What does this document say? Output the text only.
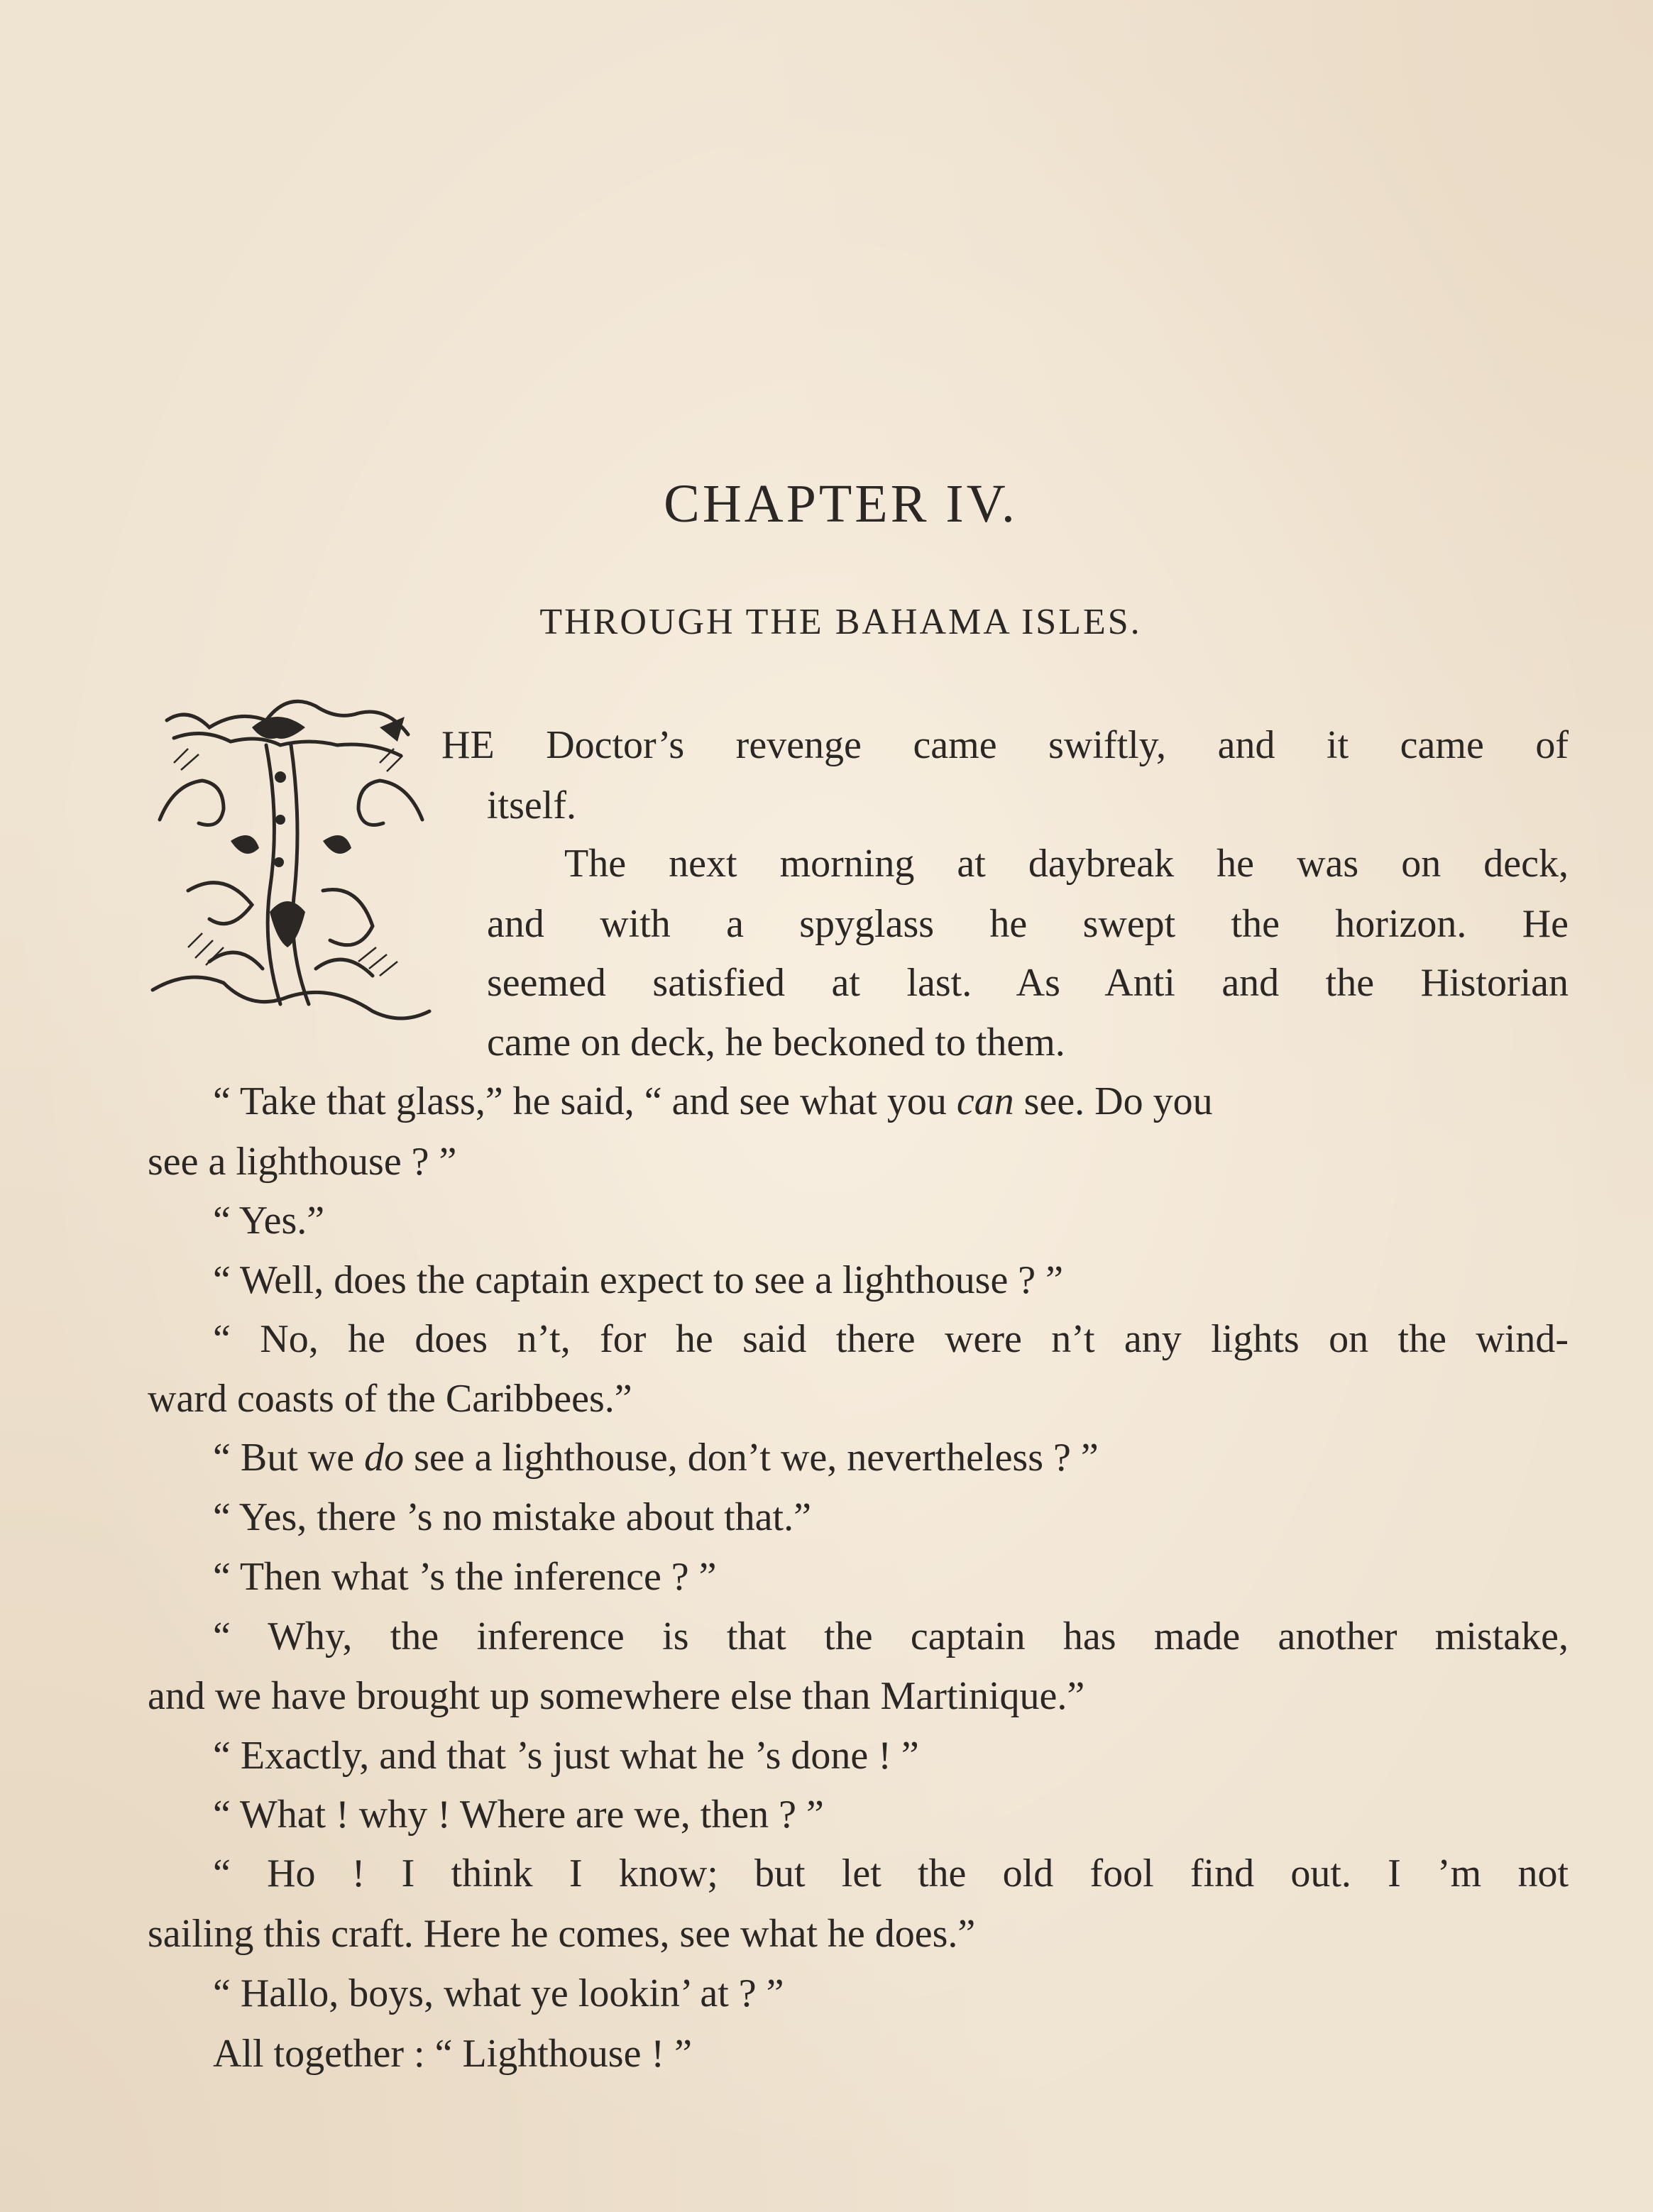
CHAPTER IV.
THROUGH THE BAHAMA ISLES.
HE Doctor’s revenge came swiftly, and it came of
itself.
The next morning at daybreak he was on deck,
and with a spyglass he swept the horizon. He
seemed satisfied at last. As Anti and the Historian
came on deck, he beckoned to them.
“ Take that glass,” he said, “ and see what you can see. Do you
see a lighthouse ? ”
“ Yes.”
“ Well, does the captain expect to see a lighthouse ? ”
“ No, he does n’t, for he said there were n’t any lights on the wind-
ward coasts of the Caribbees.”
“ But we do see a lighthouse, don’t we, nevertheless ? ”
“ Yes, there ’s no mistake about that.”
“ Then what ’s the inference ? ”
“ Why, the inference is that the captain has made another mistake,
and we have brought up somewhere else than Martinique.”
“ Exactly, and that ’s just what he ’s done ! ”
“ What ! why ! Where are we, then ? ”
“ Ho ! I think I know; but let the old fool find out. I ’m not
sailing this craft. Here he comes, see what he does.”
“ Hallo, boys, what ye lookin’ at ? ”
All together : “ Lighthouse ! ”
